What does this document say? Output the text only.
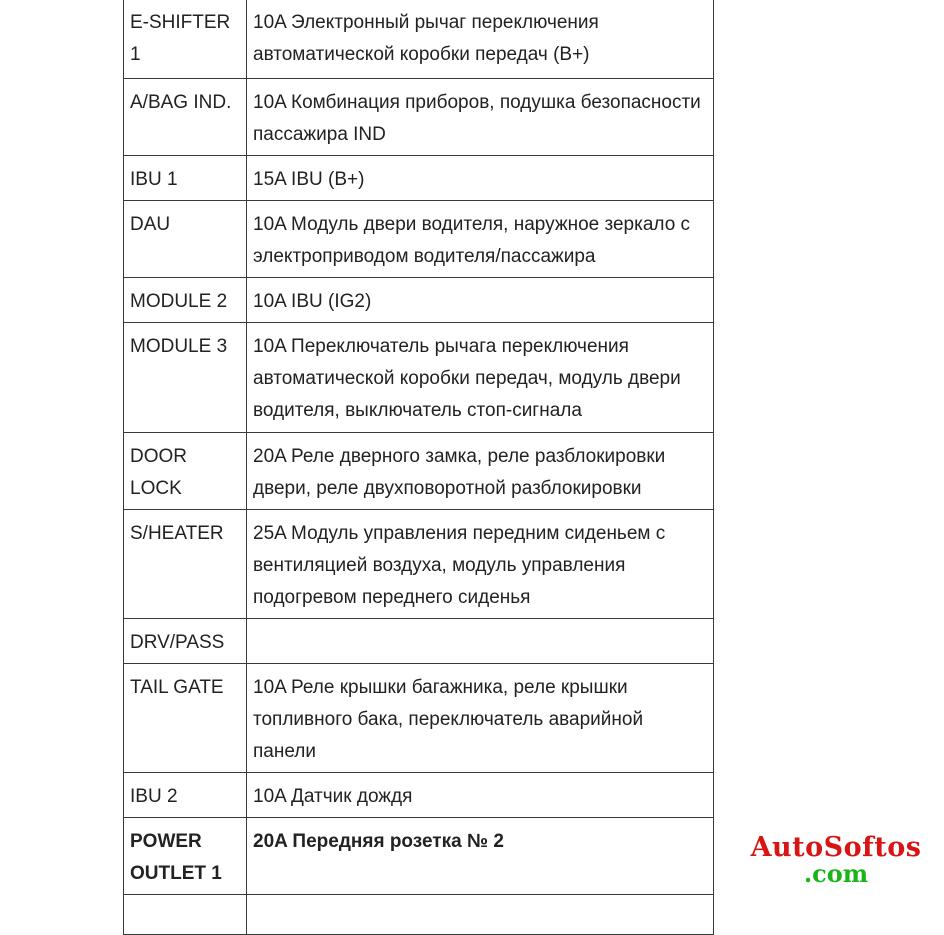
E-SHIFTER 1	10A Электронный рычаг переключения автоматической коробки передач (B+)
A/BAG IND.	10A Комбинация приборов, подушка безопасности пассажира IND
IBU 1	15A IBU (B+)
DAU	10A Модуль двери водителя, наружное зеркало с электроприводом водителя/пассажира
MODULE 2	10A IBU (IG2)
MODULE 3	10A Переключатель рычага переключения автоматической коробки передач, модуль двери водителя, выключатель стоп-сигнала
DOOR LOCK	20A Реле дверного замка, реле разблокировки двери, реле двухповоротной разблокировки
S/HEATER	25A Модуль управления передним сиденьем с вентиляцией воздуха, модуль управления подогревом переднего сиденья
DRV/PASS	
TAIL GATE	10A Реле крышки багажника, реле крышки топливного бака, переключатель аварийной панели
IBU 2	10A Датчик дождя
POWER OUTLET 1	20A Передняя розетка № 2
		AutoSoftos
.com
